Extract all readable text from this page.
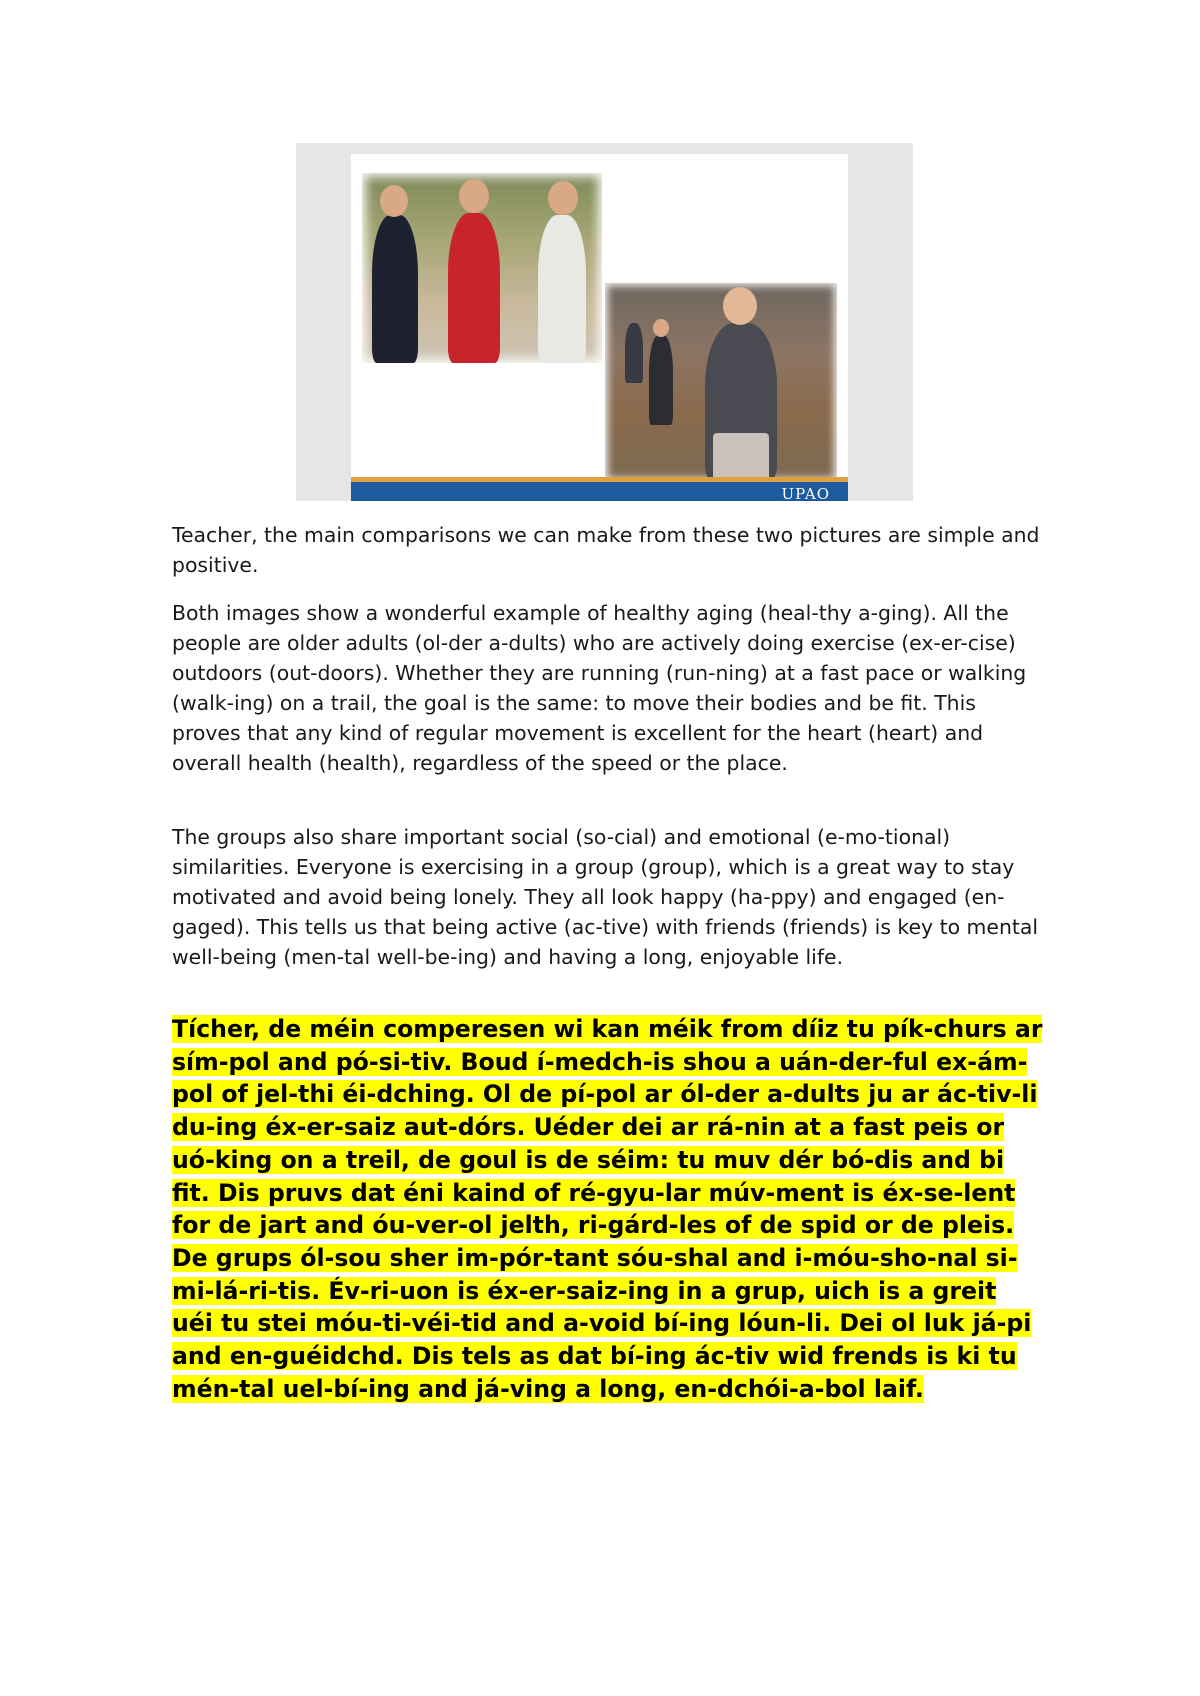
UPAO

Teacher, the main comparisons we can make from these two pictures are simple and positive.

Both images show a wonderful example of healthy aging (heal-thy a-ging). All the people are older adults (ol-der a-dults) who are actively doing exercise (ex-er-cise) outdoors (out-doors). Whether they are running (run-ning) at a fast pace or walking (walk-ing) on a trail, the goal is the same: to move their bodies and be fit. This proves that any kind of regular movement is excellent for the heart (heart) and overall health (health), regardless of the speed or the place.

The groups also share important social (so-cial) and emotional (e-mo-tional) similarities. Everyone is exercising in a group (group), which is a great way to stay motivated and avoid being lonely. They all look happy (ha-ppy) and engaged (en-gaged). This tells us that being active (ac-tive) with friends (friends) is key to mental well-being (men-tal well-be-ing) and having a long, enjoyable life.

Tícher, de méin comperesen wi kan méik from díiz tu pík-churs ar sím-pol and pó-si-tiv. Boud í-medch-is shou a uán-der-ful ex-ám-pol of jel-thi éi-dching. Ol de pí-pol ar ól-der a-dults ju ar ác-tiv-li du-ing éx-er-saiz aut-dórs. Uéder dei ar rá-nin at a fast peis or uó-king on a treil, de goul is de séim: tu muv dér bó-dis and bi fit. Dis pruvs dat éni kaind of ré-gyu-lar múv-ment is éx-se-lent for de jart and óu-ver-ol jelth, ri-gárd-les of de spid or de pleis. De grups ól-sou sher im-pór-tant sóu-shal and i-móu-sho-nal si-mi-lá-ri-tis. Év-ri-uon is éx-er-saiz-ing in a grup, uich is a greit uéi tu stei móu-ti-véi-tid and a-void bí-ing lóun-li. Dei ol luk já-pi and en-guéidchd. Dis tels as dat bí-ing ác-tiv wid frends is ki tu mén-tal uel-bí-ing and já-ving a long, en-dchói-a-bol laif.
